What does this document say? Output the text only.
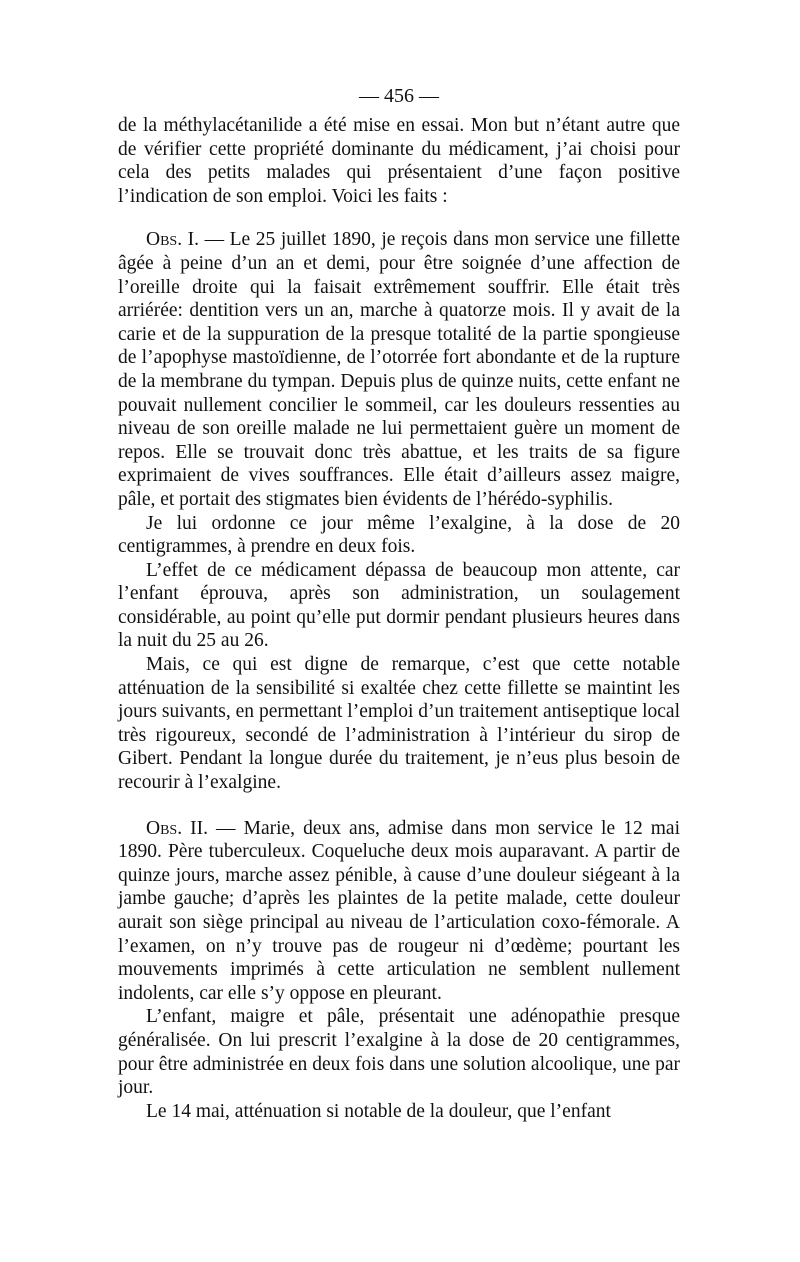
— 456 —

de la méthylacétanilide a été mise en essai. Mon but n’étant autre que de vérifier cette propriété dominante du médicament, j’ai choisi pour cela des petits malades qui présentaient d’une façon positive l’indication de son emploi. Voici les faits :

Obs. I. — Le 25 juillet 1890, je reçois dans mon service une fillette âgée à peine d’un an et demi, pour être soignée d’une affection de l’oreille droite qui la faisait extrêmement souffrir. Elle était très arriérée: dentition vers un an, marche à quatorze mois. Il y avait de la carie et de la suppuration de la presque totalité de la partie spongieuse de l’apophyse mastoïdienne, de l’otorrée fort abondante et de la rupture de la membrane du tympan. Depuis plus de quinze nuits, cette enfant ne pouvait nullement concilier le sommeil, car les douleurs ressenties au niveau de son oreille malade ne lui permettaient guère un moment de repos. Elle se trouvait donc très abattue, et les traits de sa figure exprimaient de vives souffrances. Elle était d’ailleurs assez maigre, pâle, et portait des stigmates bien évidents de l’hérédo-syphilis.

Je lui ordonne ce jour même l’exalgine, à la dose de 20 centigrammes, à prendre en deux fois.

L’effet de ce médicament dépassa de beaucoup mon attente, car l’enfant éprouva, après son administration, un soulagement considérable, au point qu’elle put dormir pendant plusieurs heures dans la nuit du 25 au 26.

Mais, ce qui est digne de remarque, c’est que cette notable atténuation de la sensibilité si exaltée chez cette fillette se maintint les jours suivants, en permettant l’emploi d’un traitement antiseptique local très rigoureux, secondé de l’administration à l’intérieur du sirop de Gibert. Pendant la longue durée du traitement, je n’eus plus besoin de recourir à l’exalgine.

Obs. II. — Marie, deux ans, admise dans mon service le 12 mai 1890. Père tuberculeux. Coqueluche deux mois auparavant. A partir de quinze jours, marche assez pénible, à cause d’une douleur siégeant à la jambe gauche; d’après les plaintes de la petite malade, cette douleur aurait son siège principal au niveau de l’articulation coxo-fémorale. A l’examen, on n’y trouve pas de rougeur ni d’œdème; pourtant les mouvements imprimés à cette articulation ne semblent nullement indolents, car elle s’y oppose en pleurant.

L’enfant, maigre et pâle, présentait une adénopathie presque généralisée. On lui prescrit l’exalgine à la dose de 20 centigrammes, pour être administrée en deux fois dans une solution alcoolique, une par jour.

Le 14 mai, atténuation si notable de la douleur, que l’enfant
